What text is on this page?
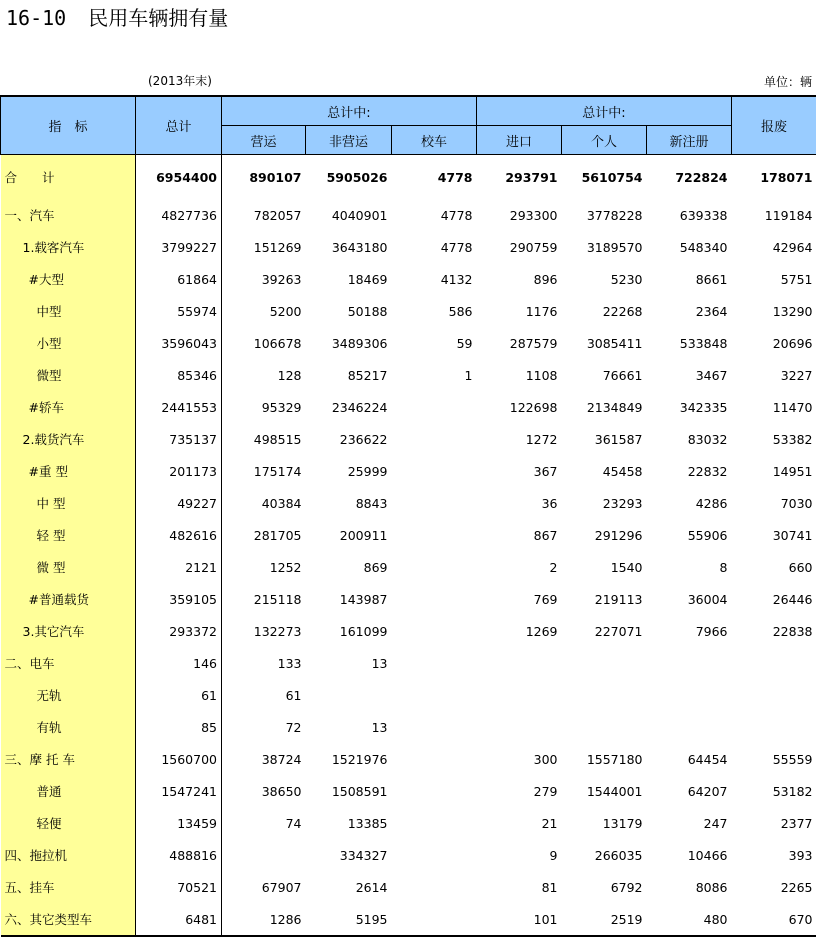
16-10 民用车辆拥有量
(2013年末)	单位：辆
指　标	总计	总计中:			总计中:			报废
		营运	非营运	校车	进口	个人	新注册	
合　　计	6954400	890107	5905026	4778	293791	5610754	722824	178071
一、汽车	4827736	782057	4040901	4778	293300	3778228	639338	119184
1.载客汽车	3799227	151269	3643180	4778	290759	3189570	548340	42964
#大型	61864	39263	18469	4132	896	5230	8661	5751
中型	55974	5200	50188	586	1176	22268	2364	13290
小型	3596043	106678	3489306	59	287579	3085411	533848	20696
微型	85346	128	85217	1	1108	76661	3467	3227
#轿车	2441553	95329	2346224		122698	2134849	342335	11470
2.载货汽车	735137	498515	236622		1272	361587	83032	53382
#重 型	201173	175174	25999		367	45458	22832	14951
中 型	49227	40384	8843		36	23293	4286	7030
轻 型	482616	281705	200911		867	291296	55906	30741
微 型	2121	1252	869		2	1540	8	660
#普通载货	359105	215118	143987		769	219113	36004	26446
3.其它汽车	293372	132273	161099		1269	227071	7966	22838
二、电车	146	133	13					
无轨	61	61						
有轨	85	72	13					
三、摩 托 车	1560700	38724	1521976		300	1557180	64454	55559
普通	1547241	38650	1508591		279	1544001	64207	53182
轻便	13459	74	13385		21	13179	247	2377
四、拖拉机	488816		334327		9	266035	10466	393
五、挂车	70521	67907	2614		81	6792	8086	2265
六、其它类型车	6481	1286	5195		101	2519	480	670
